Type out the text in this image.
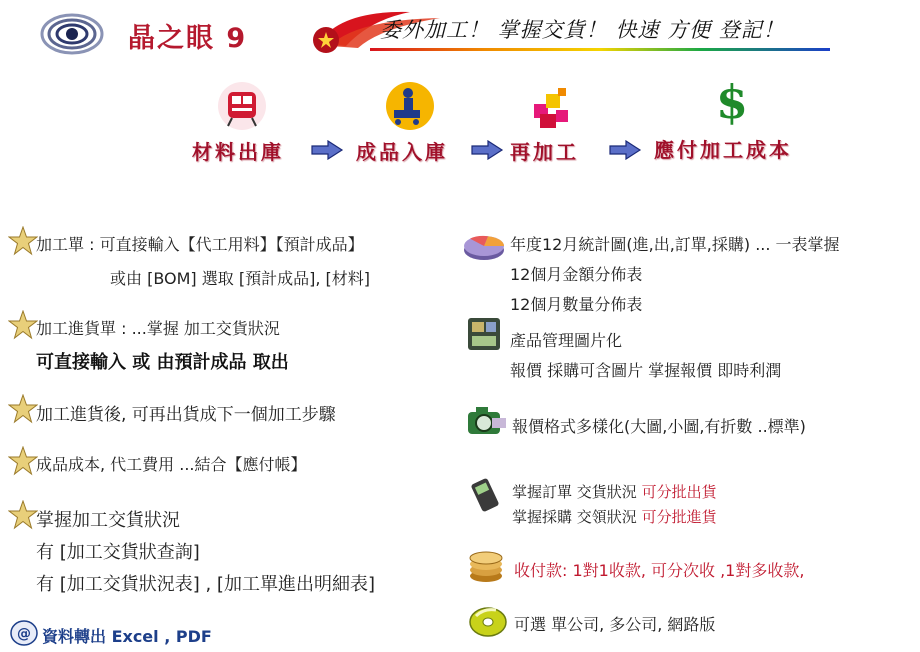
晶之眼 9	委外加工！ 掌握交貨！ 快速 方便 登記！
$
材料出庫	成品入庫	再加工	應付加工成本
加工單 : 可直接輸入【代工用料】【預計成品】
或由 [BOM] 選取 [預計成品], [材料]
加工進貨單 : ...掌握 加工交貨狀況
可直接輸入 或 由預計成品 取出
加工進貨後, 可再出貨成下一個加工步驟
成品成本, 代工費用 ...結合【應付帳】
掌握加工交貨狀況
有 [加工交貨狀查詢]
有 [加工交貨狀況表] , [加工單進出明細表]
@ 資料轉出 Excel , PDF
年度12月統計圖(進,出,訂單,採購) ... 一表掌握
12個月金額分佈表
12個月數量分佈表
產品管理圖片化
報價 採購可含圖片 掌握報價 即時利潤
報價格式多樣化(大圖,小圖,有折數 ..標準)
掌握訂單 交貨狀況 可分批出貨
掌握採購 交領狀況 可分批進貨
收付款: 1對1收款, 可分次收 ,1對多收款,
可選 單公司, 多公司, 網路版
